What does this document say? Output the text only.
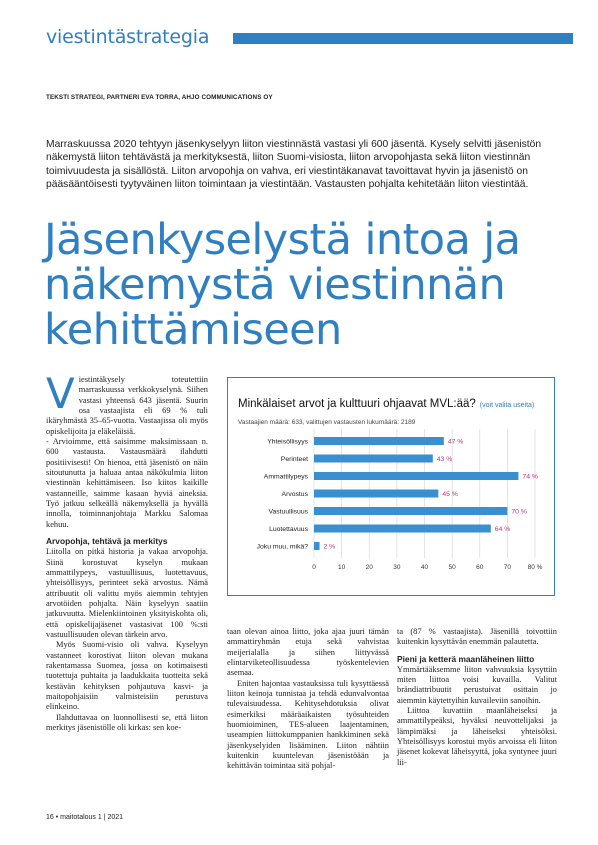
viestintästrategia
TEKSTI STRATEGI, PARTNERI EVA TORRA, AHJO COMMUNICATIONS OY
Marraskuussa 2020 tehtyyn jäsenkyselyyn liiton viestinnästä vastasi yli 600 jäsentä. Kysely selvitti jäsenistön näkemystä liiton tehtävästä ja merkityksestä, liiton Suomi-visiosta, liiton arvopohjasta sekä liiton viestinnän toimivuudesta ja sisällöstä. Liiton arvopohja on vahva, eri viestintäkanavat tavoittavat hyvin ja jäsenistö on pääsääntöisesti tyytyväinen liiton toimintaan ja viestintään. Vastausten pohjalta kehitetään liiton viestintää.
Jäsenkyselystä intoa ja näkemystä viestinnän kehittämiseen

Viestintäkysely toteutettiin marraskuussa verkkokyselynä. Siihen vastasi yhteensä 643 jäsentä. Suurin osa vastaajista eli 69 % tuli ikäryhmästä 35–65-vuotta. Vastaajissa oli myös opiskelijoita ja eläkeläisiä.

- Arvioimme, että saisimme maksimissaan n. 600 vastausta. Vastausmäärä ilahdutti positiivisesti! On hienoa, että jäsenistö on näin sitoutunutta ja haluaa antaa näkökulmia liiton viestinnän kehittämiseen. Iso kiitos kaikille vastanneille, saimme kasaan hyviä aineksia. Työ jatkuu selkeällä näkemyksellä ja hyvällä innolla, toiminnanjohtaja Markku Salomaa kehuu.

Arvopohja, tehtävä ja merkitys

Liitolla on pitkä historia ja vakaa arvopohja. Siinä korostuvat kyselyn mukaan ammattilypeys, vastuullisuus, luotettavuus, yhteisöllisyys, perinteet sekä arvostus. Nämä attribuutit oli valittu myös aiemmin tehtyjen arvotöiden pohjalta. Näin kyselyyn saatiin jatkuvuutta. Mielenkiintoinen yksityiskohta oli, että opiskelijajäsenet vastasivat 100 %:sti vastuullisuuden olevan tärkein arvo.

Myös Suomi-visio oli vahva. Kyselyyn vastanneet korostivat liiton olevan mukana rakentamassa Suomea, jossa on kotimaisesti tuotettuja puhtaita ja laadukkaita tuotteita sekä kestävän kehityksen pohjautuva kasvi- ja maitopohjaisiin valmisteisiin perustuva elinkeino.

Ilahduttavaa on luonnollisesti se, että liiton merkitys jäsenistölle oli kirkas: sen koe-

Minkälaiset arvot ja kulttuuri ohjaavat MVL:ää? (voit valita useita)
Vastaajien määrä: 633, valittujen vastausten lukumäärä: 2189
0	10	20	30	40	50	60	70	80 %
Yhteisöllisyys	47 %
Perinteet	43 %
Ammattilypeys	74 %
Arvostus	45 %
Vastuullisuus	70 %
Luotettavuus	64 %
Joku muu, mikä? 2 %

taan olevan ainoa liitto, joka ajaa juuri tämän ammattiryhmän etuja sekä vahvistaa meijerialalla ja siihen liittyvässä elintarviketeollisuudessa työskentelevien asemaa.

Eniten hajontaa vastauksissa tuli kysyttäessä liiton keinoja tunnistaa ja tehdä edunvalvontaa tulevaisuudessa. Kehitysehdotuksia olivat esimerkiksi määräaikaisten työsuhteiden huomioiminen, TES-alueen laajentaminen, useampien liittokumppanien hankkiminen sekä jäsenkyselyiden lisääminen. Liiton nähtiin kuitenkin kuuntelevan jäsenistöään ja kehittävän toimintaa sitä pohjal-

ta (87 % vastaajista). Jäsenillä toivottiin kuitenkin kysyttävän enemmän palautetta.

Pieni ja ketterä maanläheinen liitto

Ymmärtääksemme liiton vahvuuksia kysyttiin miten liittoa voisi kuvailla. Valitut brändiattribuutit perustuivat osittain jo aiemmin käytettyihin kuvaileviin sanoihin.

Liittoa kuvattiin maanläheiseksi ja ammattilypeäksi, hyväksi neuvottelijaksi ja lämpimäksi ja läheiseksi yhteisöksi. Yhteisöllisyys korostui myös arvoissa eli liiton jäsenet kokevat läheisyyttä, joka syntynee juuri lii-

16 • maitotalous 1 | 2021
